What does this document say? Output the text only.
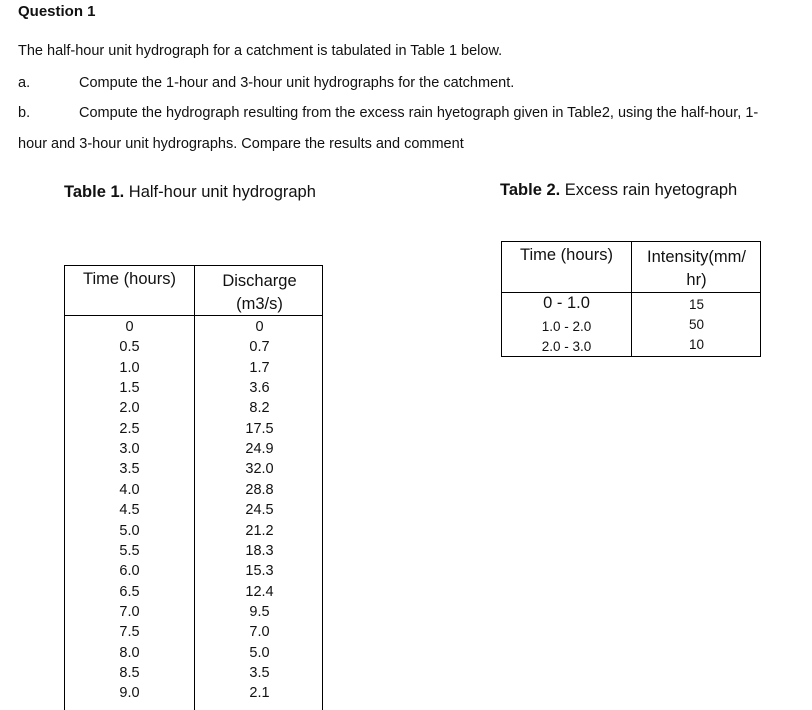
Question 1
The half-hour unit hydrograph for a catchment is tabulated in Table 1 below.
a.	Compute the 1-hour and 3-hour unit hydrographs for the catchment.
b.	Compute the hydrograph resulting from the excess rain hyetograph given in Table2, using the half-hour, 1-
hour and 3-hour unit hydrographs. Compare the results and comment
Table 1. Half-hour unit hydrograph	Table 2. Excess rain hyetograph
Time (hours)	Discharge
(m3/s)
0	0
0.5	0.7
1.0	1.7
1.5	3.6
2.0	8.2
2.5	17.5
3.0	24.9
3.5	32.0
4.0	28.8
4.5	24.5
5.0	21.2
5.5	18.3
6.0	15.3
6.5	12.4
7.0	9.5
7.5	7.0
8.0	5.0
8.5	3.5
9.0	2.1
Time (hours)	Intensity(mm/
hr)
0 - 1.0	15
1.0 - 2.0	50
2.0 - 3.0	10
